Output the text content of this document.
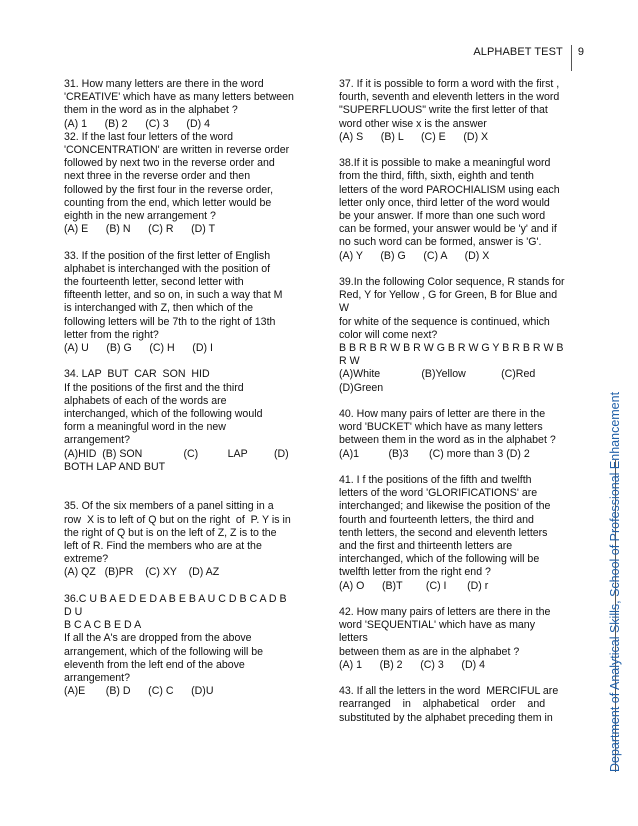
ALPHABET TEST	9

31. How many letters are there in the word

'CREATIVE' which have as many letters between

them in the word as in the alphabet ?

(A) 1      (B) 2      (C) 3      (D) 4

32. If the last four letters of the word

'CONCENTRATION' are written in reverse order

followed by next two in the reverse order and

next three in the reverse order and then

followed by the first four in the reverse order,

counting from the end, which letter would be

eighth in the new arrangement ?

(A) E      (B) N      (C) R      (D) T

33. If the position of the first letter of English

alphabet is interchanged with the position of

the fourteenth letter, second letter with

fifteenth letter, and so on, in such a way that M

is interchanged with Z, then which of the

following letters will be 7th to the right of 13th

letter from the right?

(A) U      (B) G      (C) H      (D) I

34. LAP  BUT  CAR  SON  HID

If the positions of the first and the third

alphabets of each of the words are

interchanged, which of the following would

form a meaningful word in the new

arrangement?

(A)HID  (B) SON              (C)          LAP         (D)

BOTH LAP AND BUT

35. Of the six members of a panel sitting in a

row  X is to left of Q but on the right  of  P. Y is in

the right of Q but is on the left of Z, Z is to the

left of R. Find the members who are at the

extreme?

(A) QZ   (B)PR    (C) XY    (D) AZ

36.C U B A E D E D A B E B A U C D B C A D B D U

B C A C B E D A

If all the A's are dropped from the above

arrangement, which of the following will be

eleventh from the left end of the above

arrangement?

(A)E       (B) D      (C) C      (D)U

37. If it is possible to form a word with the first ,

fourth, seventh and eleventh letters in the word

"SUPERFLUOUS" write the first letter of that

word other wise x is the answer

(A) S      (B) L      (C) E      (D) X

38.If it is possible to make a meaningful word

from the third, fifth, sixth, eighth and tenth

letters of the word PAROCHIALISM using each

letter only once, third letter of the word would

be your answer. If more than one such word

can be formed, your answer would be 'y' and if

no such word can be formed, answer is 'G'.

(A) Y      (B) G      (C) A      (D) X

39.In the following Color sequence, R stands for

Red, Y for Yellow , G for Green, B for Blue and W

for white of the sequence is continued, which

color will come next?

B B R B R W B R W G B R W G Y B R B R W B R W

(A)White              (B)Yellow            (C)Red

(D)Green

40. How many pairs of letter are there in the

word 'BUCKET' which have as many letters

between them in the word as in the alphabet ?

(A)1          (B)3       (C) more than 3 (D) 2

41. I f the positions of the fifth and twelfth

letters of the word 'GLORIFICATIONS' are

interchanged; and likewise the position of the

fourth and fourteenth letters, the third and

tenth letters, the second and eleventh letters

and the first and thirteenth letters are

interchanged, which of the following will be

twelfth letter from the right end ?

(A) O      (B)T        (C) I       (D) r

42. How many pairs of letters are there in the

word 'SEQUENTIAL' which have as many letters

between them as are in the alphabet ?

(A) 1      (B) 2      (C) 3      (D) 4

43. If all the letters in the word  MERCIFUL are

rearranged    in    alphabetical    order    and

substituted by the alphabet preceding them in	Department of Analytical Skills, School of Professional Enhancement
